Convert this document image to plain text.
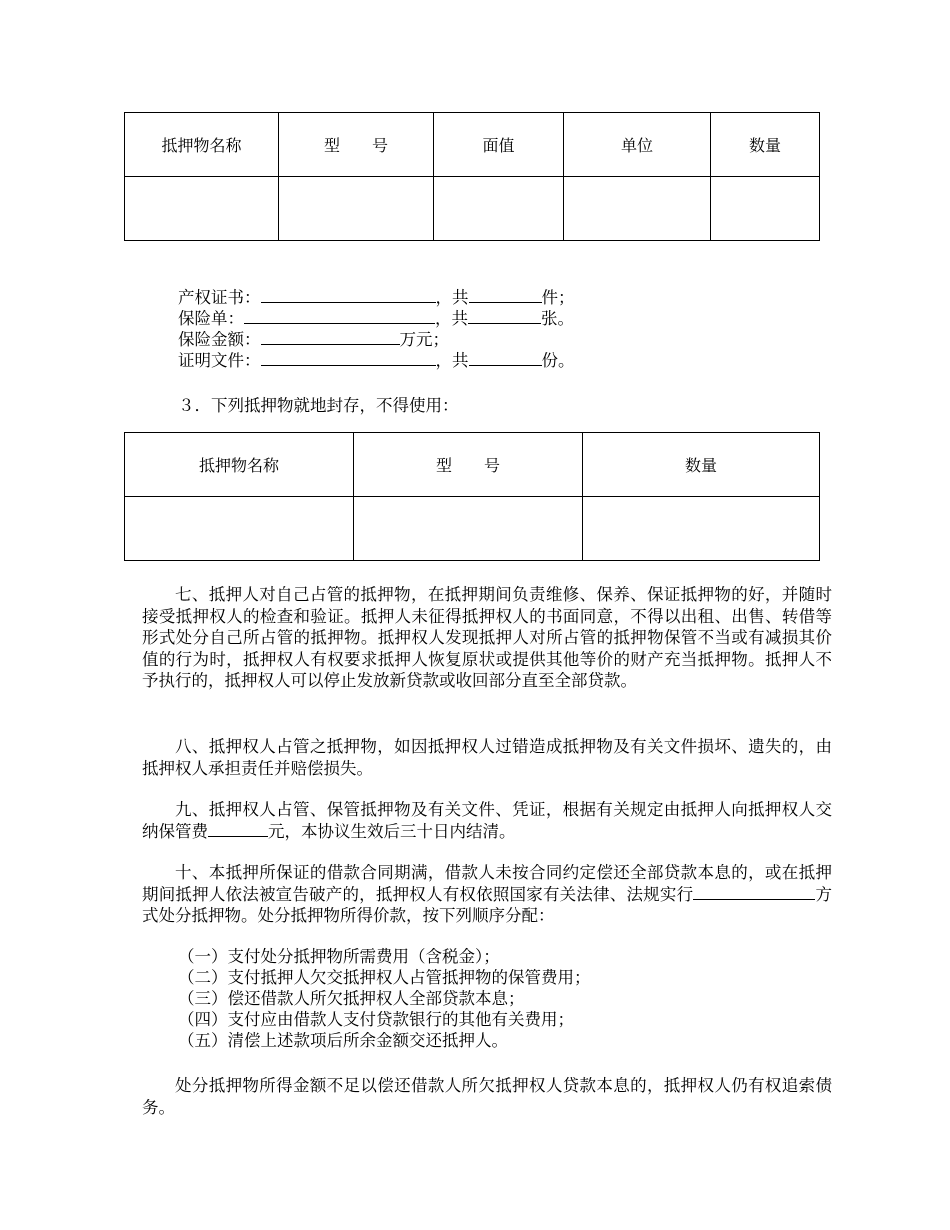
抵押物名称	型　　号	面值	单位	数量

产权证书：	，共	件；
保险单：	，共	张。
保险金额：	万元；
证明文件：	，共	份。
３．下列抵押物就地封存，不得使用：
抵押物名称	型　　号	数量

七、抵押人对自己占管的抵押物，在抵押期间负责维修、保养、保证抵押物的好，并随时接受抵押权人的检查和验证。抵押人未征得抵押权人的书面同意，不得以出租、出售、转借等形式处分自己所占管的抵押物。抵押权人发现抵押人对所占管的抵押物保管不当或有减损其价值的行为时，抵押权人有权要求抵押人恢复原状或提供其他等价的财产充当抵押物。抵押人不予执行的，抵押权人可以停止发放新贷款或收回部分直至全部贷款。
八、抵押权人占管之抵押物，如因抵押权人过错造成抵押物及有关文件损坏、遗失的，由抵押权人承担责任并赔偿损失。
九、抵押权人占管、保管抵押物及有关文件、凭证，根据有关规定由抵押人向抵押权人交纳保管费	元，本协议生效后三十日内结清。
十、本抵押所保证的借款合同期满，借款人未按合同约定偿还全部贷款本息的，或在抵押期间抵押人依法被宣告破产的，抵押权人有权依照国家有关法律、法规实行	方式处分抵押物。处分抵押物所得价款，按下列顺序分配：
（一）支付处分抵押物所需费用（含税金）；
（二）支付抵押人欠交抵押权人占管抵押物的保管费用；
（三）偿还借款人所欠抵押权人全部贷款本息；
（四）支付应由借款人支付贷款银行的其他有关费用；
（五）清偿上述款项后所余金额交还抵押人。
处分抵押物所得金额不足以偿还借款人所欠抵押权人贷款本息的，抵押权人仍有权追索债务。
